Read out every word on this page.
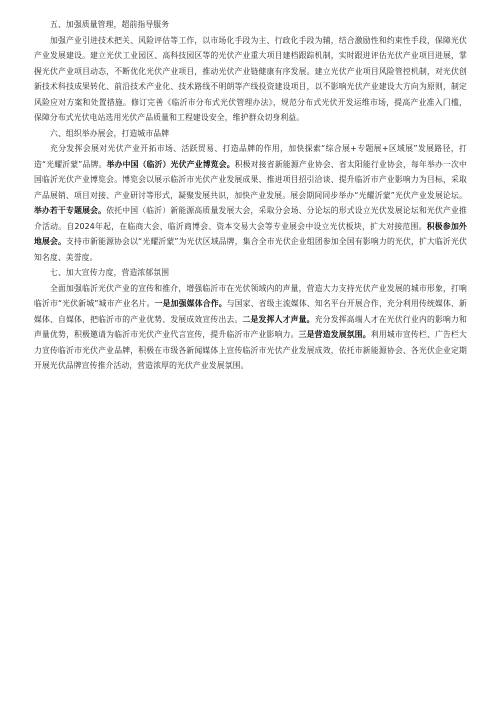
五、加强质量管理，超前指导服务

加强产业引进技术把关、风险评估等工作，以市场化手段为主、行政化手段为辅，结合激励性和约束性手段，保障光伏产业发展建设。建立光伏工业园区、高科技园区等的光伏产业重大项目建档跟踪机制，实时跟进评估光伏产业项目进展，掌握光伏产业项目动态，不断优化光伏产业项目，推动光伏产业链健康有序发展。建立光伏产业项目风险管控机制，对光伏创新技术科技成果转化、前沿技术产业化、技术路线不明朗等产线投资建设项目，以不影响光伏产业建设大方向为原则，制定风险应对方案和处置措施。修订完善《临沂市分布式光伏管理办法》，规范分布式光伏开发运维市场，提高产业准入门槛，保障分布式光伏电站选用光伏产品质量和工程建设安全，维护群众切身利益。

六、组织举办展会，打造城市品牌

充分发挥会展对光伏产业开拓市场、活跃贸易、打造品牌的作用，加快探索“综合展+专题展+区域展”发展路径，打造“光耀沂蒙”品牌。举办中国（临沂）光伏产业博览会。积极对接省新能源产业协会、省太阳能行业协会，每年举办一次中国临沂光伏产业博览会。博览会以展示临沂市光伏产业发展成果、推进项目招引洽谈、提升临沂市产业影响力为目标，采取产品展销、项目对接、产业研讨等形式，凝聚发展共识，加快产业发展。展会期间同步举办“光耀沂蒙”光伏产业发展论坛。举办若干专题展会。依托中国（临沂）新能源高质量发展大会，采取分会场、分论坛的形式设立光伏发展论坛和光伏产业推介活动。自2024年起，在临商大会、临沂商博会、资本交易大会等专业展会中设立光伏板块，扩大对接范围。积极参加外地展会。支持市新能源协会以“光耀沂蒙”为光伏区域品牌，集合全市光伏企业组团参加全国有影响力的光伏，扩大临沂光伏知名度、美誉度。

七、加大宣传力度，营造浓郁氛围

全面加强临沂光伏产业的宣传和推介，增强临沂市在光伏领域内的声量，营造大力支持光伏产业发展的城市形象，打响临沂市“光伏新城”城市产业名片。一是加强媒体合作。与国家、省级主流媒体、知名平台开展合作，充分利用传统媒体、新媒体、自媒体，把临沂市的产业优势、发展成效宣传出去。二是发挥人才声量。充分发挥高端人才在光伏行业内的影响力和声量优势，积极邀请为临沂市光伏产业代言宣传，提升临沂市产业影响力。三是营造发展氛围。利用城市宣传栏、广告栏大力宣传临沂市光伏产业品牌，积极在市级各新闻媒体上宣传临沂市光伏产业发展成效，依托市新能源协会、各光伏企业定期开展光伏品牌宣传推介活动，营造浓厚的光伏产业发展氛围。
